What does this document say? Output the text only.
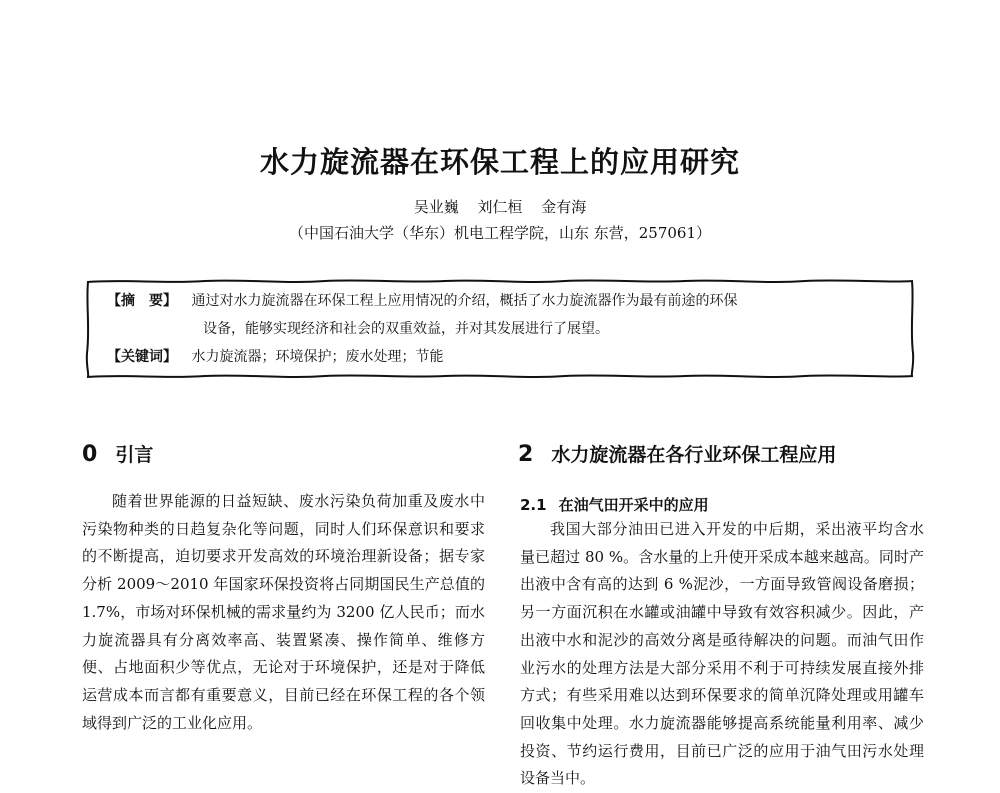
水力旋流器在环保工程上的应用研究
吴业巍 刘仁桓 金有海
（中国石油大学（华东）机电工程学院，山东 东营，257061）
【摘　要】 通过对水力旋流器在环保工程上应用情况的介绍，概括了水力旋流器作为最有前途的环保
设备，能够实现经济和社会的双重效益，并对其发展进行了展望。
【关键词】 水力旋流器；环境保护；废水处理；节能
0 引言
随着世界能源的日益短缺、废水污染负荷加重及废水中污染物种类的日趋复杂化等问题，同时人们环保意识和要求的不断提高，迫切要求开发高效的环境治理新设备；据专家分析 2009～2010 年国家环保投资将占同期国民生产总值的 1.7%，市场对环保机械的需求量约为 3200 亿人民币；而水力旋流器具有分离效率高、装置紧凑、操作简单、维修方便、占地面积少等优点，无论对于环境保护，还是对于降低运营成本而言都有重要意义，目前已经在环保工程的各个领域得到广泛的工业化应用。
2 水力旋流器在各行业环保工程应用
2.1 在油气田开采中的应用
我国大部分油田已进入开发的中后期，采出液平均含水量已超过 80 %。含水量的上升使开采成本越来越高。同时产出液中含有高的达到 6 %泥沙，一方面导致管阀设备磨损；另一方面沉积在水罐或油罐中导致有效容积减少。因此，产出液中水和泥沙的高效分离是亟待解决的问题。而油气田作业污水的处理方法是大部分采用不利于可持续发展直接外排方式；有些采用难以达到环保要求的简单沉降处理或用罐车回收集中处理。水力旋流器能够提高系统能量利用率、减少投资、节约运行费用，目前已广泛的应用于油气田污水处理设备当中。
